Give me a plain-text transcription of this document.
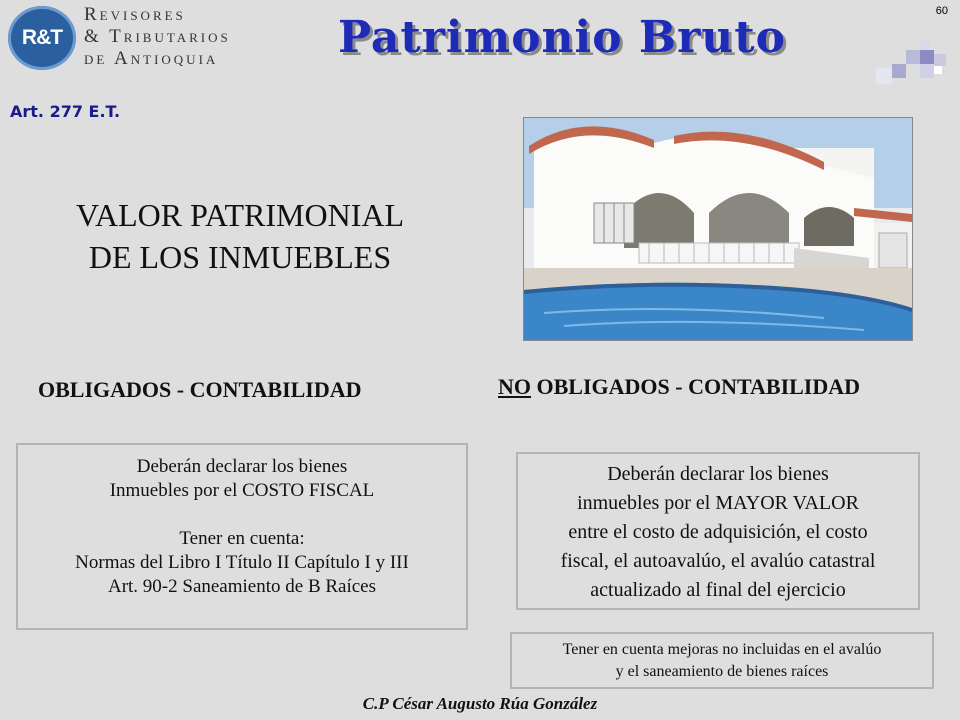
R&T
Revisores
& Tributarios
de Antioquia	Patrimonio Bruto
60
Art. 277 E.T.
VALOR PATRIMONIAL
DE LOS INMUEBLES
OBLIGADOS - CONTABILIDAD

Deberán declarar los bienes

Inmuebles por el COSTO FISCAL

Tener en cuenta:

Normas del Libro I Título II Capítulo I y III

Art. 90-2 Saneamiento de B Raíces

NO OBLIGADOS - CONTABILIDAD

Deberán declarar los bienes

inmuebles por el MAYOR VALOR

entre el costo de adquisición, el costo

fiscal, el autoavalúo, el avalúo catastral

actualizado al final del ejercicio

Tener en cuenta mejoras no incluidas en el avalúo

y el saneamiento de bienes raíces

C.P César Augusto Rúa González
